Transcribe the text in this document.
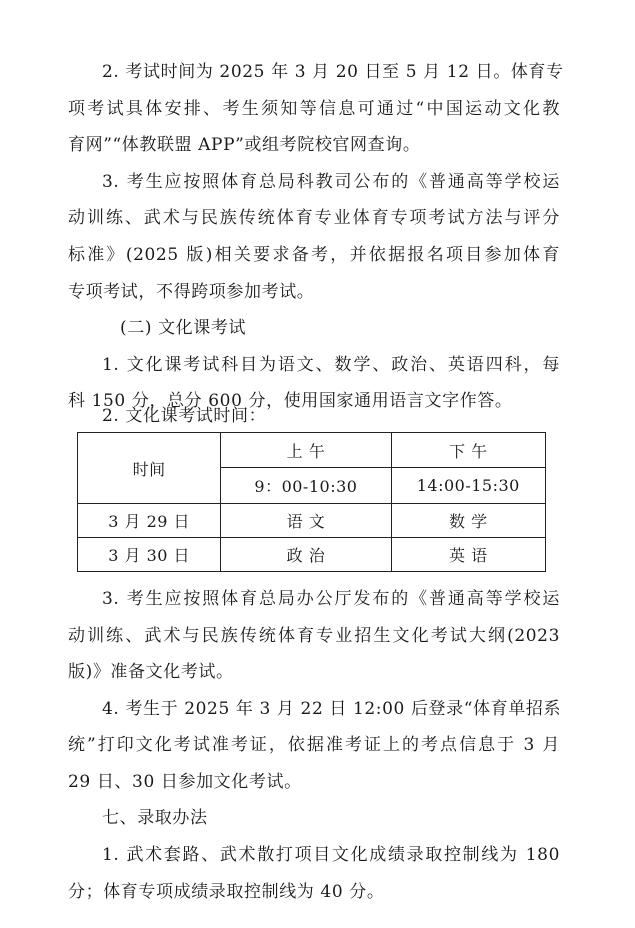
2. 考试时间为 2025 年 3 月 20 日至 5 月 12 日。体育专
项考试具体安排、考生须知等信息可通过“中国运动文化教
育网”“体教联盟 APP”或组考院校官网查询。
3. 考生应按照体育总局科教司公布的《普通高等学校运
动训练、武术与民族传统体育专业体育专项考试方法与评分
标准》(2025 版)相关要求备考，并依据报名项目参加体育
专项考试，不得跨项参加考试。
(二) 文化课考试
1. 文化课考试科目为语文、数学、政治、英语四科，每
科 150 分，总分 600 分，使用国家通用语言文字作答。
2. 文化课考试时间：
3. 考生应按照体育总局办公厅发布的《普通高等学校运
动训练、武术与民族传统体育专业招生文化考试大纲(2023
版)》准备文化考试。
4. 考生于 2025 年 3 月 22 日 12:00 后登录“体育单招系
统”打印文化考试准考证，依据准考证上的考点信息于 3 月
29 日、30 日参加文化考试。
七、录取办法
1. 武术套路、武术散打项目文化成绩录取控制线为 180
分；体育专项成绩录取控制线为 40 分。
时间	上 午	下 午
	9：00-10:30	14:00-15:30
3 月 29 日	语 文	数 学
3 月 30 日	政 治	英 语
